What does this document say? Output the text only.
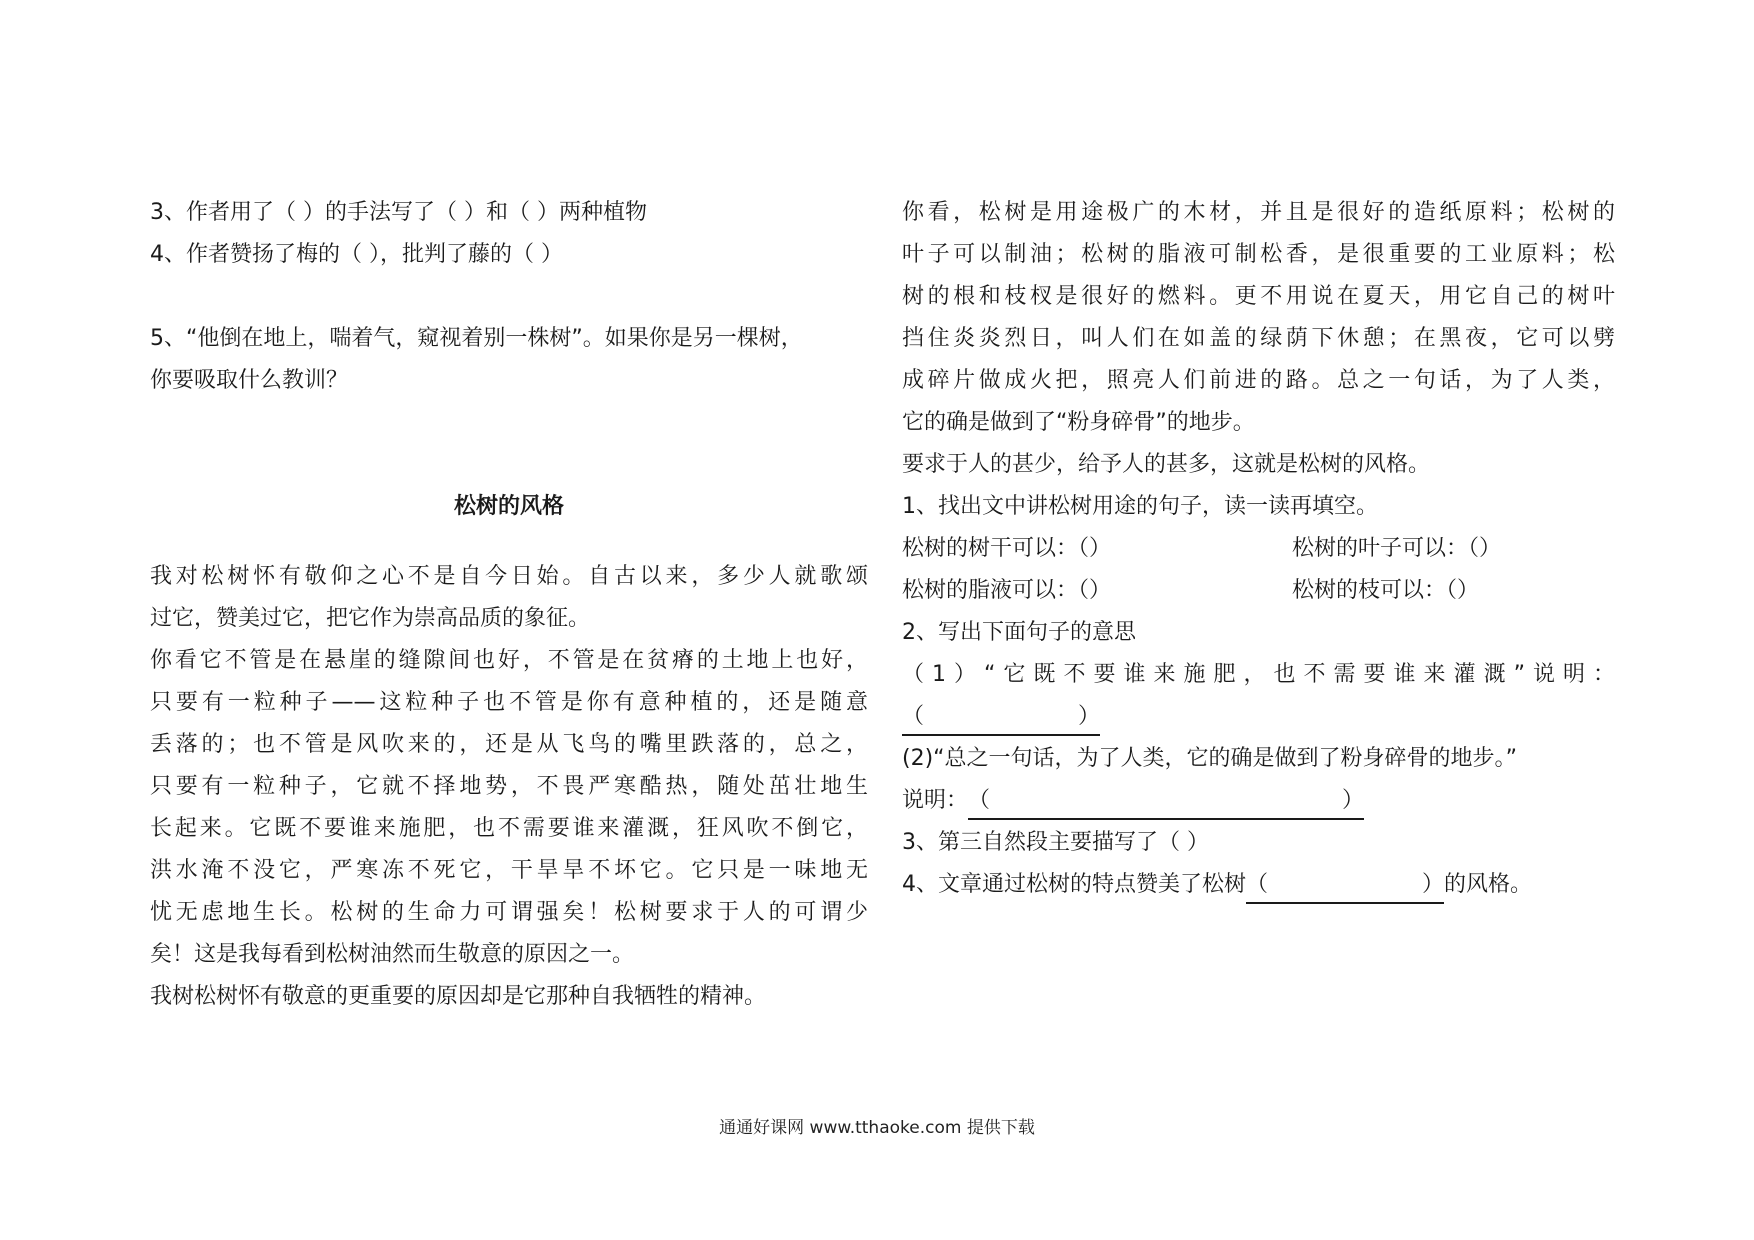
3、作者用了（ ）的手法写了（ ）和（ ）两种植物
4、作者赞扬了梅的（ ），批判了藤的（ ）
5、“他倒在地上，喘着气，窥视着别一株树”。如果你是另一棵树，
你要吸取什么教训？
松树的风格
我对松树怀有敬仰之心不是自今日始。自古以来，多少人就歌颂
过它，赞美过它，把它作为崇高品质的象征。
你看它不管是在悬崖的缝隙间也好，不管是在贫瘠的土地上也好，
只要有一粒种子——这粒种子也不管是你有意种植的，还是随意
丢落的；也不管是风吹来的，还是从飞鸟的嘴里跌落的，总之，
只要有一粒种子，它就不择地势，不畏严寒酷热，随处茁壮地生
长起来。它既不要谁来施肥，也不需要谁来灌溉，狂风吹不倒它，
洪水淹不没它，严寒冻不死它，干旱旱不坏它。它只是一味地无
忧无虑地生长。松树的生命力可谓强矣！松树要求于人的可谓少
矣！这是我每看到松树油然而生敬意的原因之一。
我树松树怀有敬意的更重要的原因却是它那种自我牺牲的精神。
你看，松树是用途极广的木材，并且是很好的造纸原料；松树的
叶子可以制油；松树的脂液可制松香，是很重要的工业原料；松
树的根和枝杈是很好的燃料。更不用说在夏天，用它自己的树叶
挡住炎炎烈日，叫人们在如盖的绿荫下休憩；在黑夜，它可以劈
成碎片做成火把，照亮人们前进的路。总之一句话，为了人类，
它的确是做到了“粉身碎骨”的地步。
要求于人的甚少，给予人的甚多，这就是松树的风格。
1、找出文中讲松树用途的句子，读一读再填空。
松树的树干可以：（）	松树的叶子可以：（）
松树的脂液可以：（）	松树的枝可以：（）
2、写出下面句子的意思
（1）“它既不要谁来施肥，也不需要谁来灌溉”说明：
（　　　　　　　）
(2)“总之一句话，为了人类，它的确是做到了粉身碎骨的地步。”
说明：（　　　　　　　　　　　　　　　　）
3、第三自然段主要描写了（ ）
4、文章通过松树的特点赞美了松树（　　　　　　　）的风格。
通通好课网 www.tthaoke.com 提供下载
